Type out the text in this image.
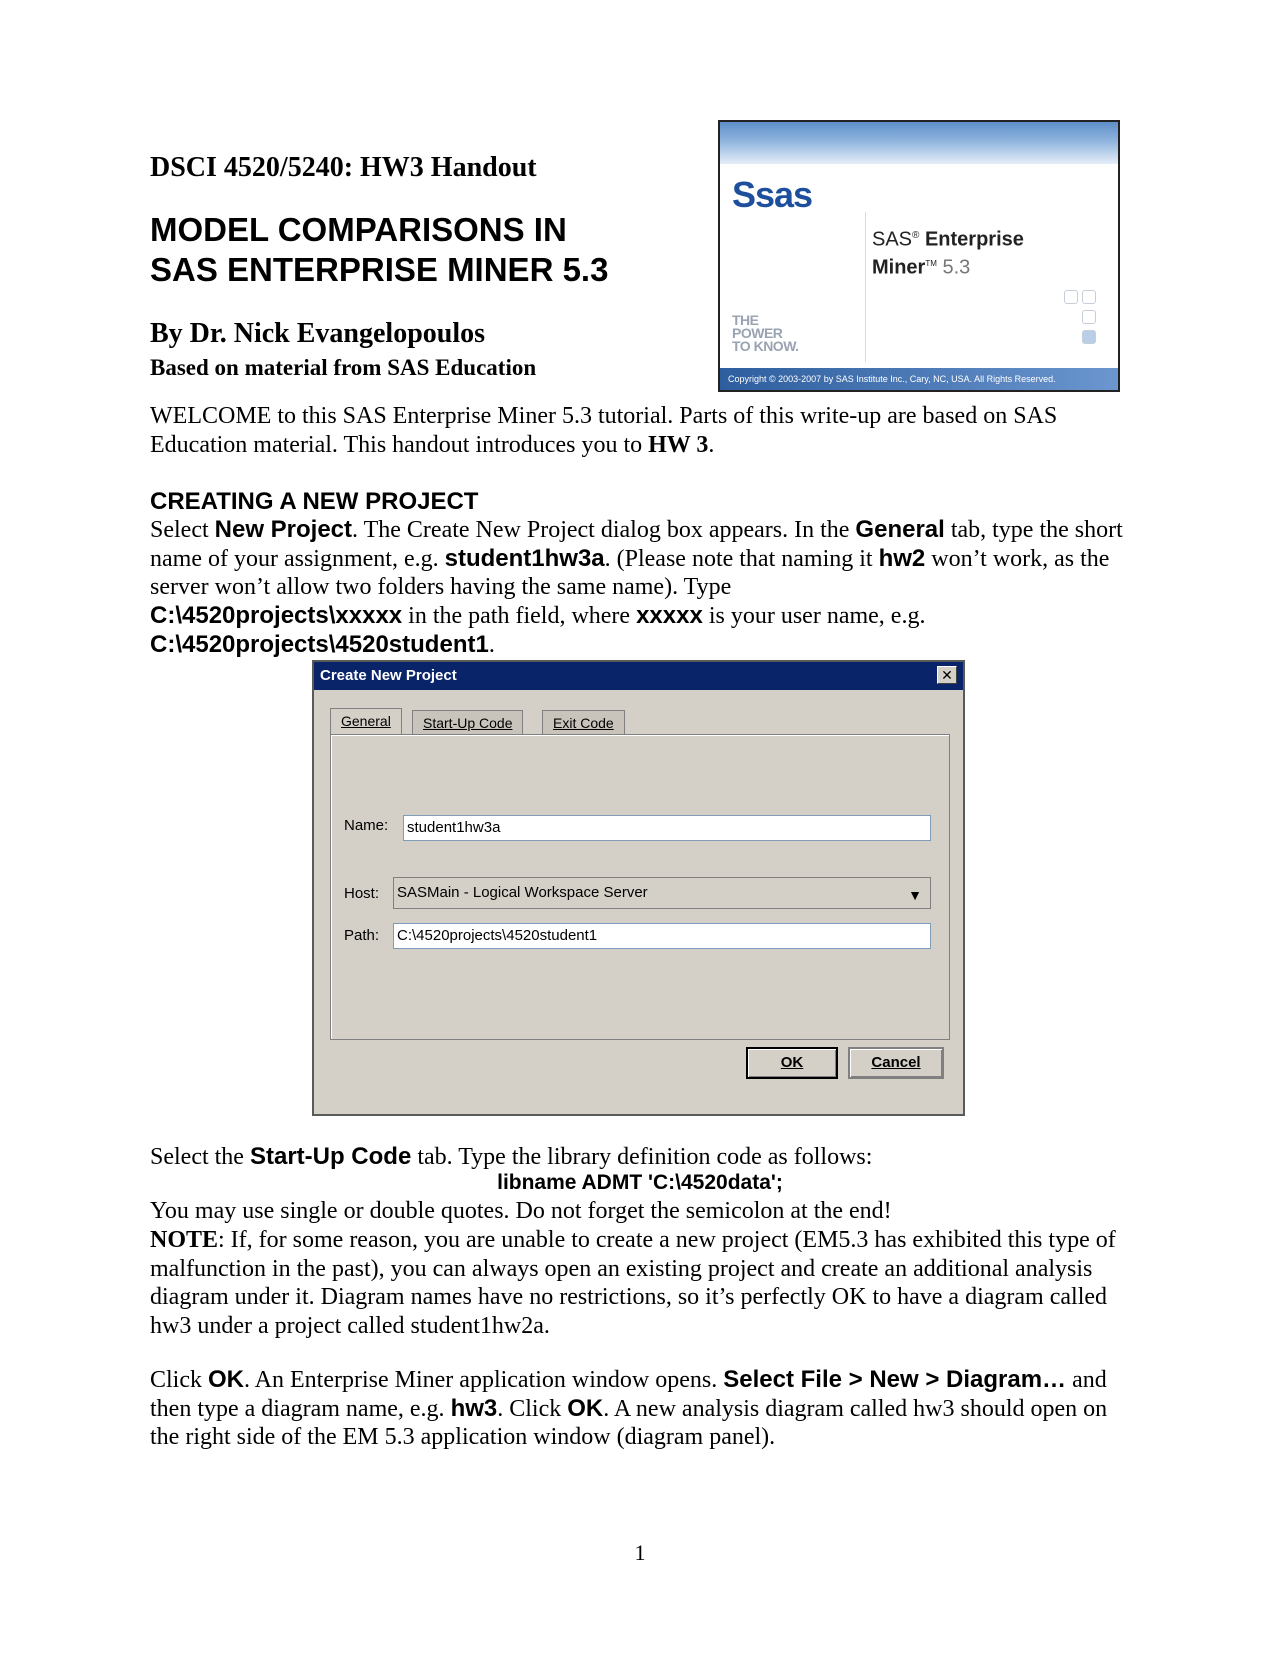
DSCI 4520/5240: HW3 Handout
MODEL COMPARISONS IN
SAS ENTERPRISE MINER 5.3
By Dr. Nick Evangelopoulos
Based on material from SAS Education
Ssas
SAS® Enterprise
Miner™ 5.3
THE
POWER
TO KNOW.
Copyright © 2003-2007 by SAS Institute Inc., Cary, NC, USA. All Rights Reserved.
WELCOME to this SAS Enterprise Miner 5.3 tutorial. Parts of this write-up are based on SAS Education material. This handout introduces you to HW 3.
CREATING A NEW PROJECT
Select New Project. The Create New Project dialog box appears. In the General tab, type the short name of your assignment, e.g. student1hw3a. (Please note that naming it hw2 won’t work, as the server won’t allow two folders having the same name). Type
C:\4520projects\xxxxx in the path field, where xxxxx is your user name, e.g.
C:\4520projects\4520student1.
Create New Project	✕
General	Start-Up Code	Exit Code
Name: student1hw3a
Host: SASMain - Logical Workspace Server	▼
Path: C:\4520projects\4520student1
OK	Cancel
Select the Start-Up Code tab. Type the library definition code as follows:
libname ADMT 'C:\4520data';
You may use single or double quotes. Do not forget the semicolon at the end!
NOTE: If, for some reason, you are unable to create a new project (EM5.3 has exhibited this type of malfunction in the past), you can always open an existing project and create an additional analysis diagram under it. Diagram names have no restrictions, so it’s perfectly OK to have a diagram called hw3 under a project called student1hw2a.
Click OK. An Enterprise Miner application window opens. Select File > New > Diagram… and then type a diagram name, e.g. hw3. Click OK. A new analysis diagram called hw3 should open on the right side of the EM 5.3 application window (diagram panel).
1
